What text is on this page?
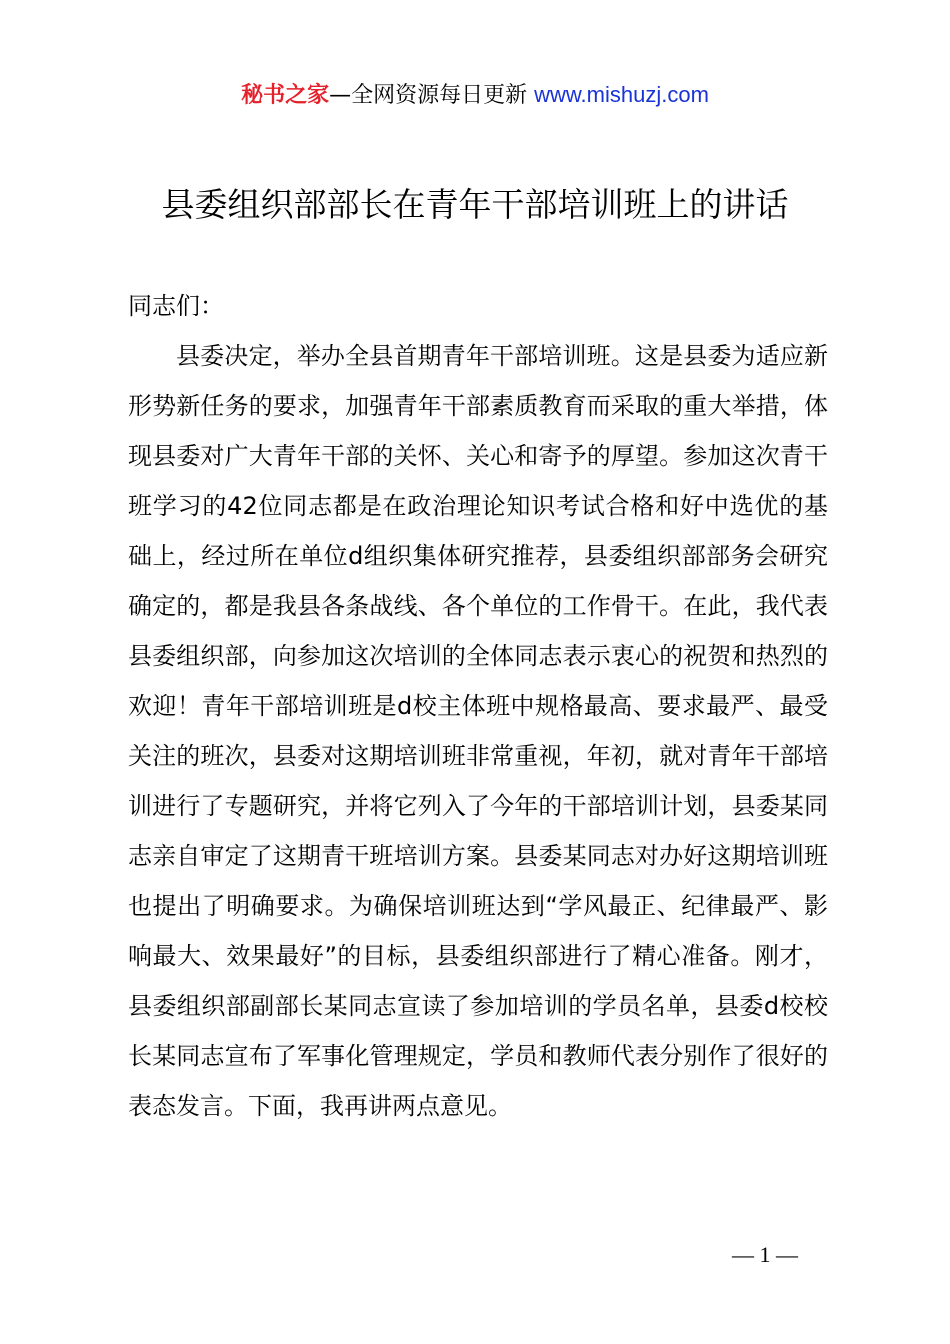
秘书之家—全网资源每日更新 www.mishuzj.com
县委组织部部长在青年干部培训班上的讲话
同志们：
县委决定，举办全县首期青年干部培训班。这是县委为适应新形势新任务的要求，加强青年干部素质教育而采取的重大举措，体现县委对广大青年干部的关怀、关心和寄予的厚望。参加这次青干班学习的42位同志都是在政治理论知识考试合格和好中选优的基础上，经过所在单位d组织集体研究推荐，县委组织部部务会研究确定的，都是我县各条战线、各个单位的工作骨干。在此，我代表县委组织部，向参加这次培训的全体同志表示衷心的祝贺和热烈的欢迎！青年干部培训班是d校主体班中规格最高、要求最严、最受关注的班次，县委对这期培训班非常重视，年初，就对青年干部培训进行了专题研究，并将它列入了今年的干部培训计划，县委某同志亲自审定了这期青干班培训方案。县委某同志对办好这期培训班也提出了明确要求。为确保培训班达到“学风最正、纪律最严、影响最大、效果最好”的目标，县委组织部进行了精心准备。刚才，县委组织部副部长某同志宣读了参加培训的学员名单，县委d校校长某同志宣布了军事化管理规定，学员和教师代表分别作了很好的表态发言。下面，我再讲两点意见。
— 1 —
